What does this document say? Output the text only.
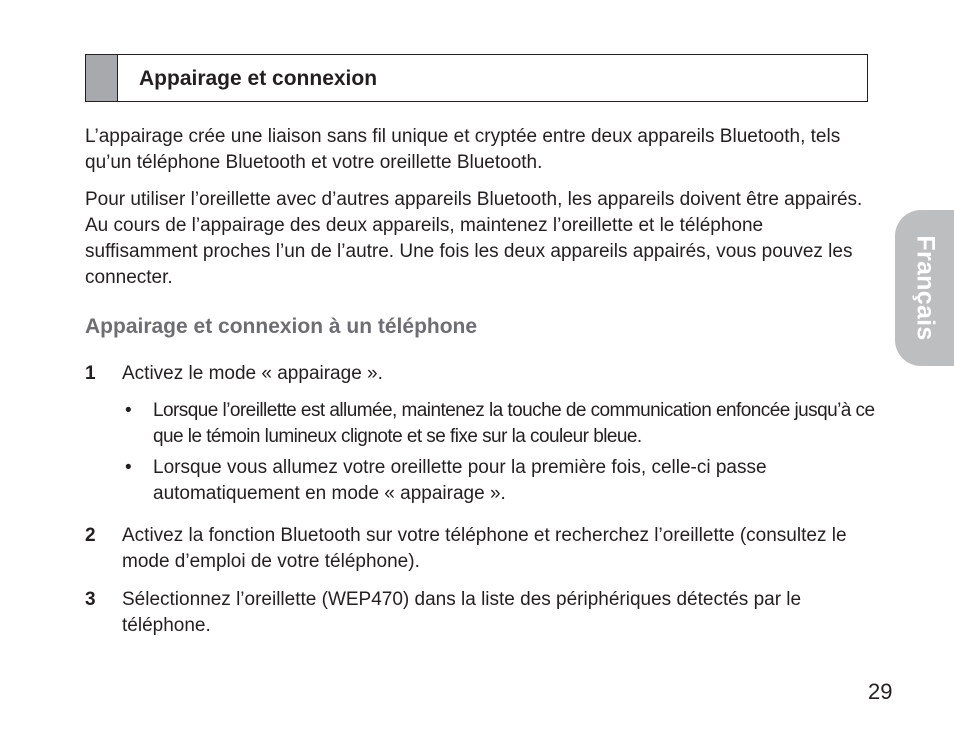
Appairage et connexion

L’appairage crée une liaison sans fil unique et cryptée entre deux appareils Bluetooth, tels qu’un téléphone Bluetooth et votre oreillette Bluetooth.

Pour utiliser l’oreillette avec d’autres appareils Bluetooth, les appareils doivent être appairés. Au cours de l’appairage des deux appareils, maintenez l’oreillette et le téléphone suffisamment proches l’un de l’autre. Une fois les deux appareils appairés, vous pouvez les connecter.

Appairage et connexion à un téléphone
1 Activez le mode « appairage ».
• Lorsque l’oreillette est allumée, maintenez la touche de communication enfoncée jusqu’à ce que le témoin lumineux clignote et se fixe sur la couleur bleue.
• Lorsque vous allumez votre oreillette pour la première fois, celle-ci passe automatiquement en mode « appairage ».
2 Activez la fonction Bluetooth sur votre téléphone et recherchez l’oreillette (consultez le mode d’emploi de votre téléphone).
3 Sélectionnez l’oreillette (WEP470) dans la liste des périphériques détectés par le téléphone.
Français
29
